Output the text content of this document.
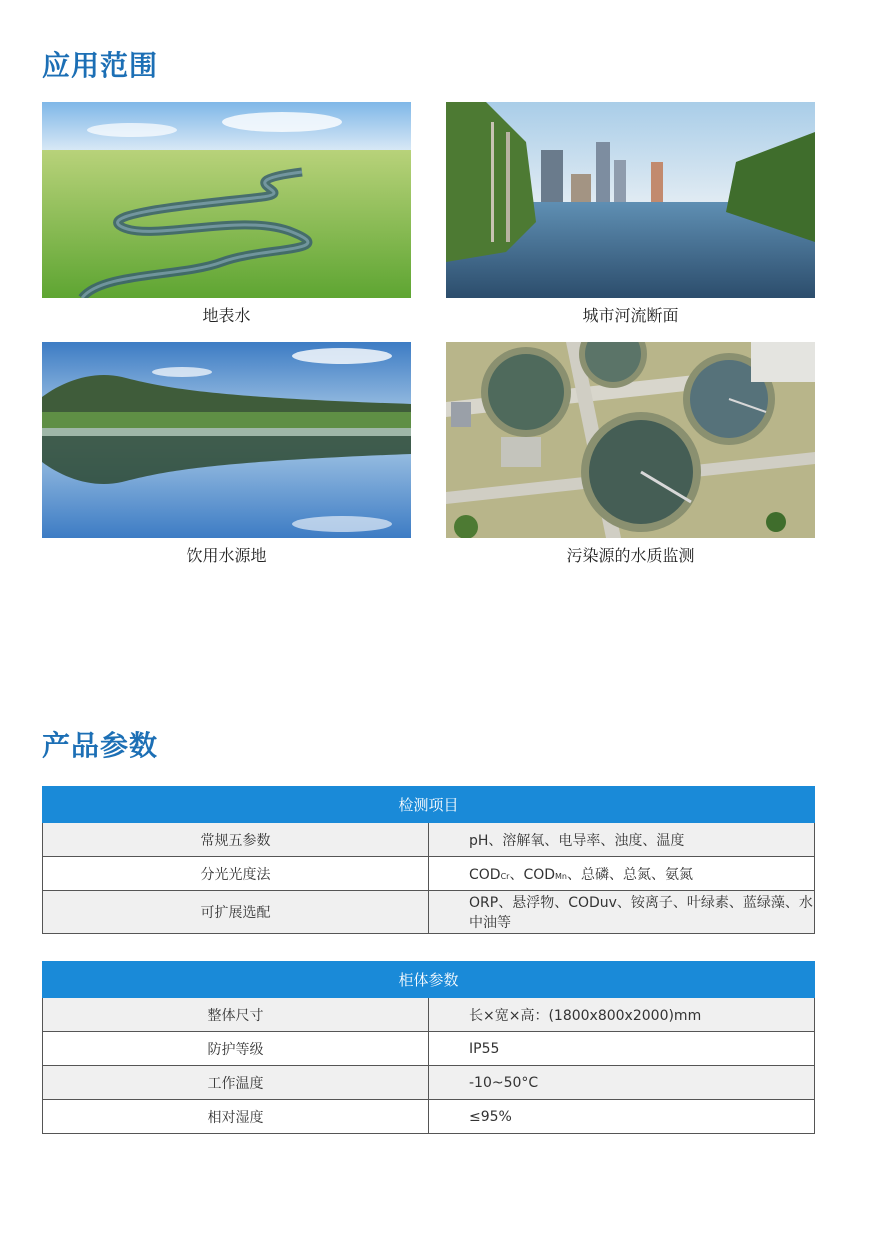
应用范围
地表水	城市河流断面
饮用水源地	污染源的水质监测
产品参数
检测项目	
常规五参数	pH、溶解氧、电导率、浊度、温度
分光光度法	CODCr、CODMn、总磷、总氮、氨氮
可扩展选配	ORP、悬浮物、CODuv、铵离子、叶绿素、蓝绿藻、水中油等
柜体参数	
整体尺寸	长×宽×高：(1800x800x2000)mm
防护等级	IP55
工作温度	-10~50°C
相对湿度	≤95%
